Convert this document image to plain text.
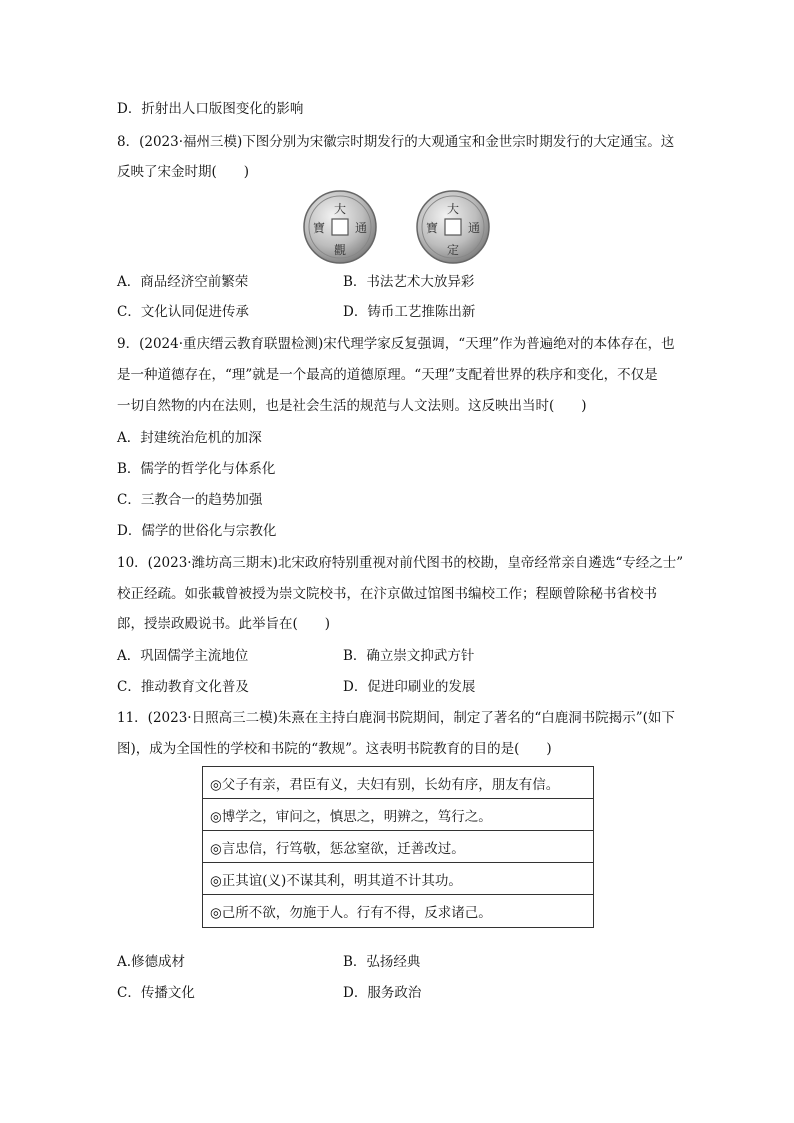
D．折射出人口版图变化的影响
8．(2023·福州三模)下图分别为宋徽宗时期发行的大观通宝和金世宗时期发行的大定通宝。这
反映了宋金时期(　　)
大
觀
通
寶
大
定
通
寶
A．商品经济空前繁荣	B．书法艺术大放异彩
C．文化认同促进传承	D．铸币工艺推陈出新
9．(2024·重庆缙云教育联盟检测)宋代理学家反复强调，“天理”作为普遍绝对的本体存在，也
是一种道德存在，“理”就是一个最高的道德原理。“天理”支配着世界的秩序和变化，不仅是
一切自然物的内在法则，也是社会生活的规范与人文法则。这反映出当时(　　)
A．封建统治危机的加深
B．儒学的哲学化与体系化
C．三教合一的趋势加强
D．儒学的世俗化与宗教化
10．(2023·潍坊高三期末)北宋政府特别重视对前代图书的校勘，皇帝经常亲自遴选“专经之士”
校正经疏。如张載曾被授为崇文院校书，在汴京做过馆图书编校工作；程颐曾除秘书省校书
郎，授崇政殿说书。此举旨在(　　)
A．巩固儒学主流地位	B．确立崇文抑武方针
C．推动教育文化普及	D．促进印刷业的发展
11．(2023·日照高三二模)朱熹在主持白鹿洞书院期间，制定了著名的“白鹿洞书院揭示”(如下
图)，成为全国性的学校和书院的“教规”。这表明书院教育的目的是(　　)
◎父子有亲，君臣有义，夫妇有别，长幼有序，朋友有信。
◎博学之，审问之，慎思之，明辨之，笃行之。
◎言忠信，行笃敬，惩忿窒欲，迁善改过。
◎正其谊(义)不谋其利，明其道不计其功。
◎己所不欲，勿施于人。行有不得，反求诸己。
A.修德成材	B．弘扬经典
C．传播文化	D．服务政治
